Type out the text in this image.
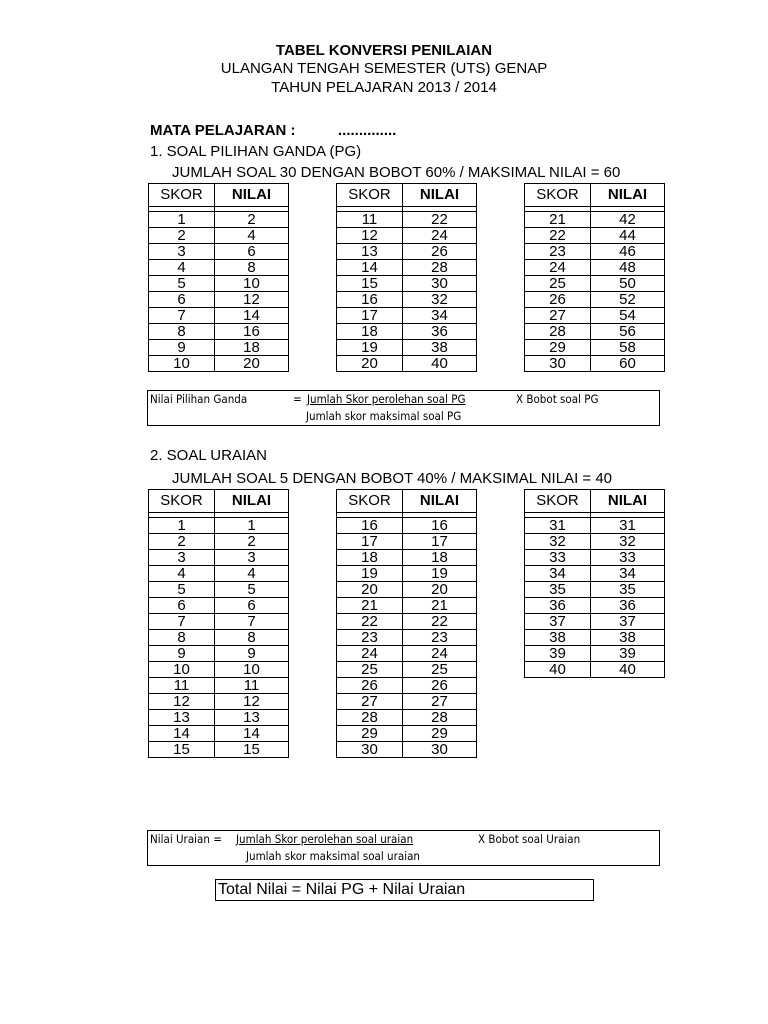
TABEL KONVERSI PENILAIAN
ULANGAN TENGAH SEMESTER (UTS) GENAP
TAHUN PELAJARAN 2013 / 2014
MATA PELAJARAN :	..............
1. SOAL PILIHAN GANDA (PG)
JUMLAH SOAL 30 DENGAN BOBOT 60% / MAKSIMAL NILAI = 60
SKOR	NILAI

1	2
2	4
3	6
4	8
5	10
6	12
7	14
8	16
9	18
10	20
SKOR	NILAI

11	22
12	24
13	26
14	28
15	30
16	32
17	34
18	36
19	38
20	40
SKOR	NILAI

21	42
22	44
23	46
24	48
25	50
26	52
27	54
28	56
29	58
30	60
Nilai Pilihan Ganda	= Jumlah Skor perolehan soal PG	X Bobot soal PG
Jumlah skor maksimal soal PG
2. SOAL URAIAN
JUMLAH SOAL 5 DENGAN BOBOT 40% / MAKSIMAL NILAI = 40
SKOR	NILAI

1	1
2	2
3	3
4	4
5	5
6	6
7	7
8	8
9	9
10	10
11	11
12	12
13	13
14	14
15	15
SKOR	NILAI

16	16
17	17
18	18
19	19
20	20
21	21
22	22
23	23
24	24
25	25
26	26
27	27
28	28
29	29
30	30
SKOR	NILAI

31	31
32	32
33	33
34	34
35	35
36	36
37	37
38	38
39	39
40	40
Nilai Uraian = Jumlah Skor perolehan soal uraian	X Bobot soal Uraian
Jumlah skor maksimal soal uraian
Total Nilai = Nilai PG + Nilai Uraian
